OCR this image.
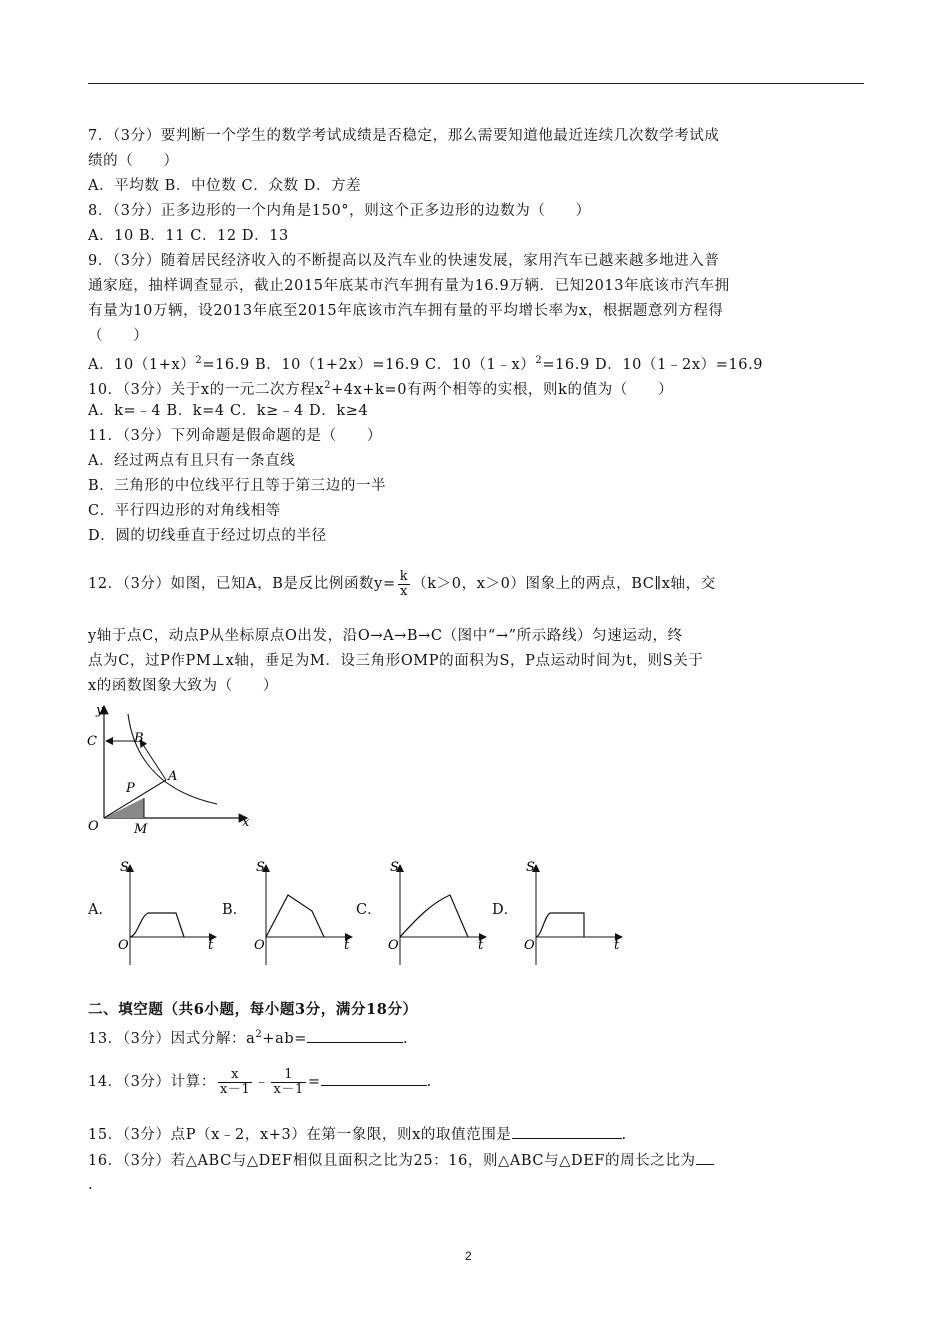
7．（3分）要判断一个学生的数学考试成绩是否稳定，那么需要知道他最近连续几次数学考试成
绩的（　　）
A．平均数 B．中位数 C．众数 D．方差
8．（3分）正多边形的一个内角是150°，则这个正多边形的边数为（　　）
A．10 B．11 C．12 D．13
9．（3分）随着居民经济收入的不断提高以及汽车业的快速发展，家用汽车已越来越多地进入普
通家庭，抽样调查显示，截止2015年底某市汽车拥有量为16.9万辆．已知2013年底该市汽车拥
有量为10万辆，设2013年底至2015年底该市汽车拥有量的平均增长率为x，根据题意列方程得
（　　）
A．$10(1+x)^2=16.9$ B．10（1+2x）=16.9 C．10（1﹣x）$^2$=16.9 D．10（1﹣2x）=16.9
10．（3分）关于x的一元二次方程$x^2+4x+k=0$有两个相等的实根，则k的值为（　　）
A．k=﹣4 B．k=4 C．k≥﹣4 D．k≥4
11．（3分）下列命题是假命题的是（　　）
A．经过两点有且只有一条直线
B．三角形的中位线平行且等于第三边的一半
C．平行四边形的对角线相等
D．圆的切线垂直于经过切点的半径
12．（3分）如图，已知A，B是反比例函数$y= \frac{k}{x} (k>0$，x＞0）图象上的两点，BC∥x轴，交
y轴于点C，动点P从坐标原点O出发，沿O→A→B→C（图中“→”所示路线）匀速运动，终
点为C，过P作PM⊥x轴，垂足为M．设三角形OMP的面积为S，P点运动时间为t，则S关于
x的函数图象大致为（　　）
y
x
C	B
A
P
O	M
A．
S
t
O
B．
S
t
O
C．
S
t
O
D．
S
t
O
二、填空题（共6小题，每小题3分，满分18分）
13．（3分）因式分解：$a^2+ab=$	.
14．（3分）计算： $\frac{x}{x-1}$ ﹣ $\frac{1}{x-1}$ =	.
15．（3分）点P（x﹣2，x+3）在第一象限，则x的取值范围是	.
16．（3分）若△ABC与△DEF相似且面积之比为25：16，则△ABC与△DEF的周长之比为
.
2
